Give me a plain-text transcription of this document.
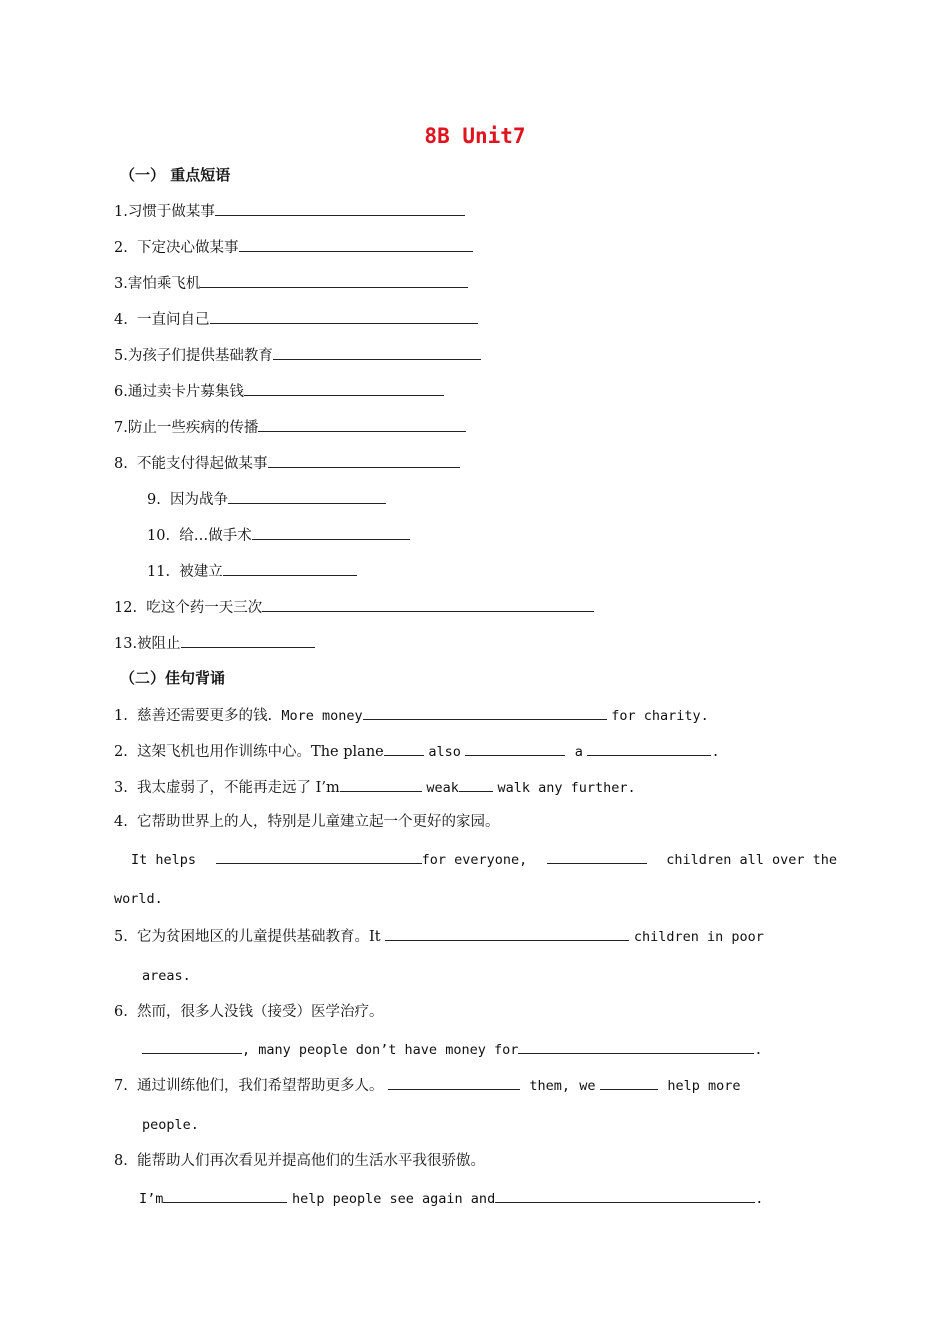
8B Unit7
（一） 重点短语
1.习惯于做某事
2.  下定决心做某事
3.害怕乘飞机
4.  一直问自己
5.为孩子们提供基础教育
6.通过卖卡片募集钱
7.防止一些疾病的传播
8.  不能支付得起做某事
9.  因为战争
10.  给…做手术
11.  被建立
12.  吃这个药一天三次
13.被阻止
（二）佳句背诵
1.  慈善还需要更多的钱. More money	for charity.
2.  这架飞机也用作训练中心。The plane	also	a	.
3.  我太虚弱了，不能再走远了 I’m	weak	walk any further.
4.  它帮助世界上的人，特别是儿童建立起一个更好的家园。
It helps	for everyone,	children all over the
world.
5.  它为贫困地区的儿童提供基础教育。It	children in poor
areas.
6.  然而，很多人没钱（接受）医学治疗。
, many people don’t have money for	.
7.  通过训练他们，我们希望帮助更多人。	them, we	help more
people.
8.  能帮助人们再次看见并提高他们的生活水平我很骄傲。
I’m	help people see again and	.
